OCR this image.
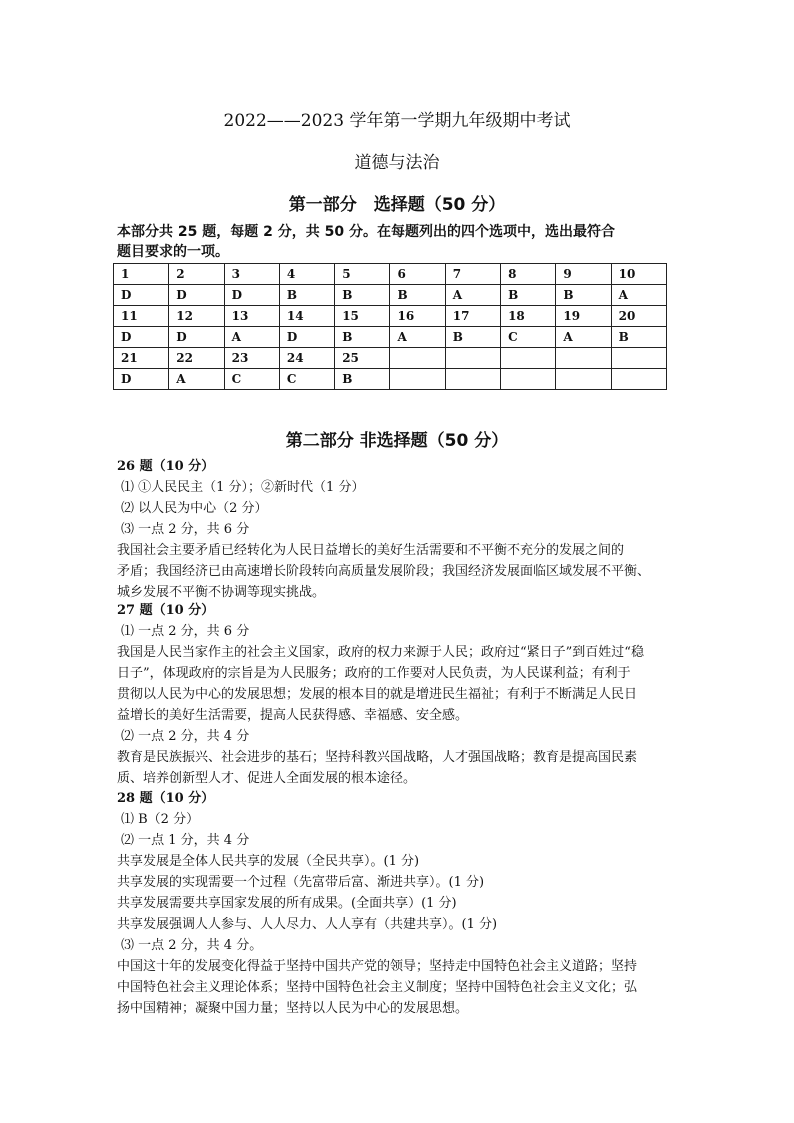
2022——2023 学年第一学期九年级期中考试
道德与法治
第一部分　选择题（50 分）
本部分共 25 题，每题 2 分，共 50 分。在每题列出的四个选项中，选出最符合
题目要求的一项。
1	2	3	4	5	6	7	8	9	10
D	D	D	B	B	B	A	B	B	A
11	12	13	14	15	16	17	18	19	20
D	D	A	D	B	A	B	C	A	B
21	22	23	24	25					
D	A	C	C	B					
第二部分 非选择题（50 分）
26 题（10 分）
⑴ ①人民民主（1 分）；②新时代（1 分）
⑵ 以人民为中心（2 分）
⑶ 一点 2 分，共 6 分
我国社会主要矛盾已经转化为人民日益增长的美好生活需要和不平衡不充分的发展之间的
矛盾；我国经济已由高速增长阶段转向高质量发展阶段；我国经济发展面临区域发展不平衡、
城乡发展不平衡不协调等现实挑战。
27 题（10 分）
⑴ 一点 2 分，共 6 分
我国是人民当家作主的社会主义国家，政府的权力来源于人民；政府过“紧日子”到百姓过“稳
日子”，体现政府的宗旨是为人民服务；政府的工作要对人民负责，为人民谋利益；有利于
贯彻以人民为中心的发展思想；发展的根本目的就是增进民生福祉；有利于不断满足人民日
益增长的美好生活需要，提高人民获得感、幸福感、安全感。
⑵ 一点 2 分，共 4 分
教育是民族振兴、社会进步的基石；坚持科教兴国战略，人才强国战略；教育是提高国民素
质、培养创新型人才、促进人全面发展的根本途径。
28 题（10 分）
⑴ B（2 分）
⑵ 一点 1 分，共 4 分
共享发展是全体人民共享的发展（全民共享）。(1 分)
共享发展的实现需要一个过程（先富带后富、渐进共享）。(1 分)
共享发展需要共享国家发展的所有成果。(全面共享）(1 分)
共享发展强调人人参与、人人尽力、人人享有（共建共享）。(1 分)
⑶ 一点 2 分，共 4 分。
中国这十年的发展变化得益于坚持中国共产党的领导；坚持走中国特色社会主义道路；坚持
中国特色社会主义理论体系；坚持中国特色社会主义制度；坚持中国特色社会主义文化；弘
扬中国精神；凝聚中国力量；坚持以人民为中心的发展思想。
